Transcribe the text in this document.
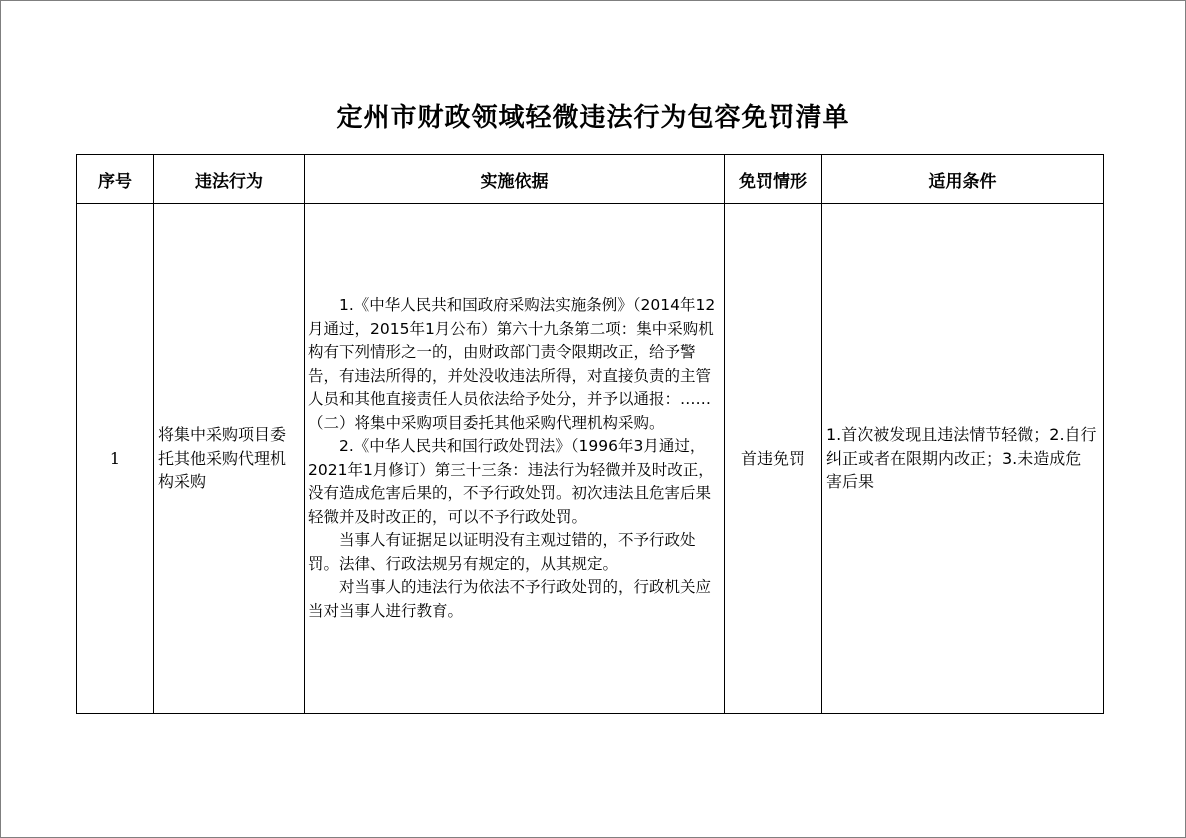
定州市财政领域轻微违法行为包容免罚清单
序号	违法行为	实施依据	免罚情形	适用条件
1	将集中采购项目委托其他采购代理机构采购	1.《中华人民共和国政府采购法实施条例》（2014年12月通过，2015年1月公布）第六十九条第二项：集中采购机构有下列情形之一的，由财政部门责令限期改正，给予警告，有违法所得的，并处没收违法所得，对直接负责的主管人员和其他直接责任人员依法给予处分，并予以通报：……（二）将集中采购项目委托其他采购代理机构采购。

2.《中华人民共和国行政处罚法》（1996年3月通过，2021年1月修订）第三十三条：违法行为轻微并及时改正，没有造成危害后果的，不予行政处罚。初次违法且危害后果轻微并及时改正的，可以不予行政处罚。

当事人有证据足以证明没有主观过错的，不予行政处罚。法律、行政法规另有规定的，从其规定。

对当事人的违法行为依法不予行政处罚的，行政机关应当对当事人进行教育。	首违免罚	1.首次被发现且违法情节轻微；2.自行纠正或者在限期内改正；3.未造成危害后果
